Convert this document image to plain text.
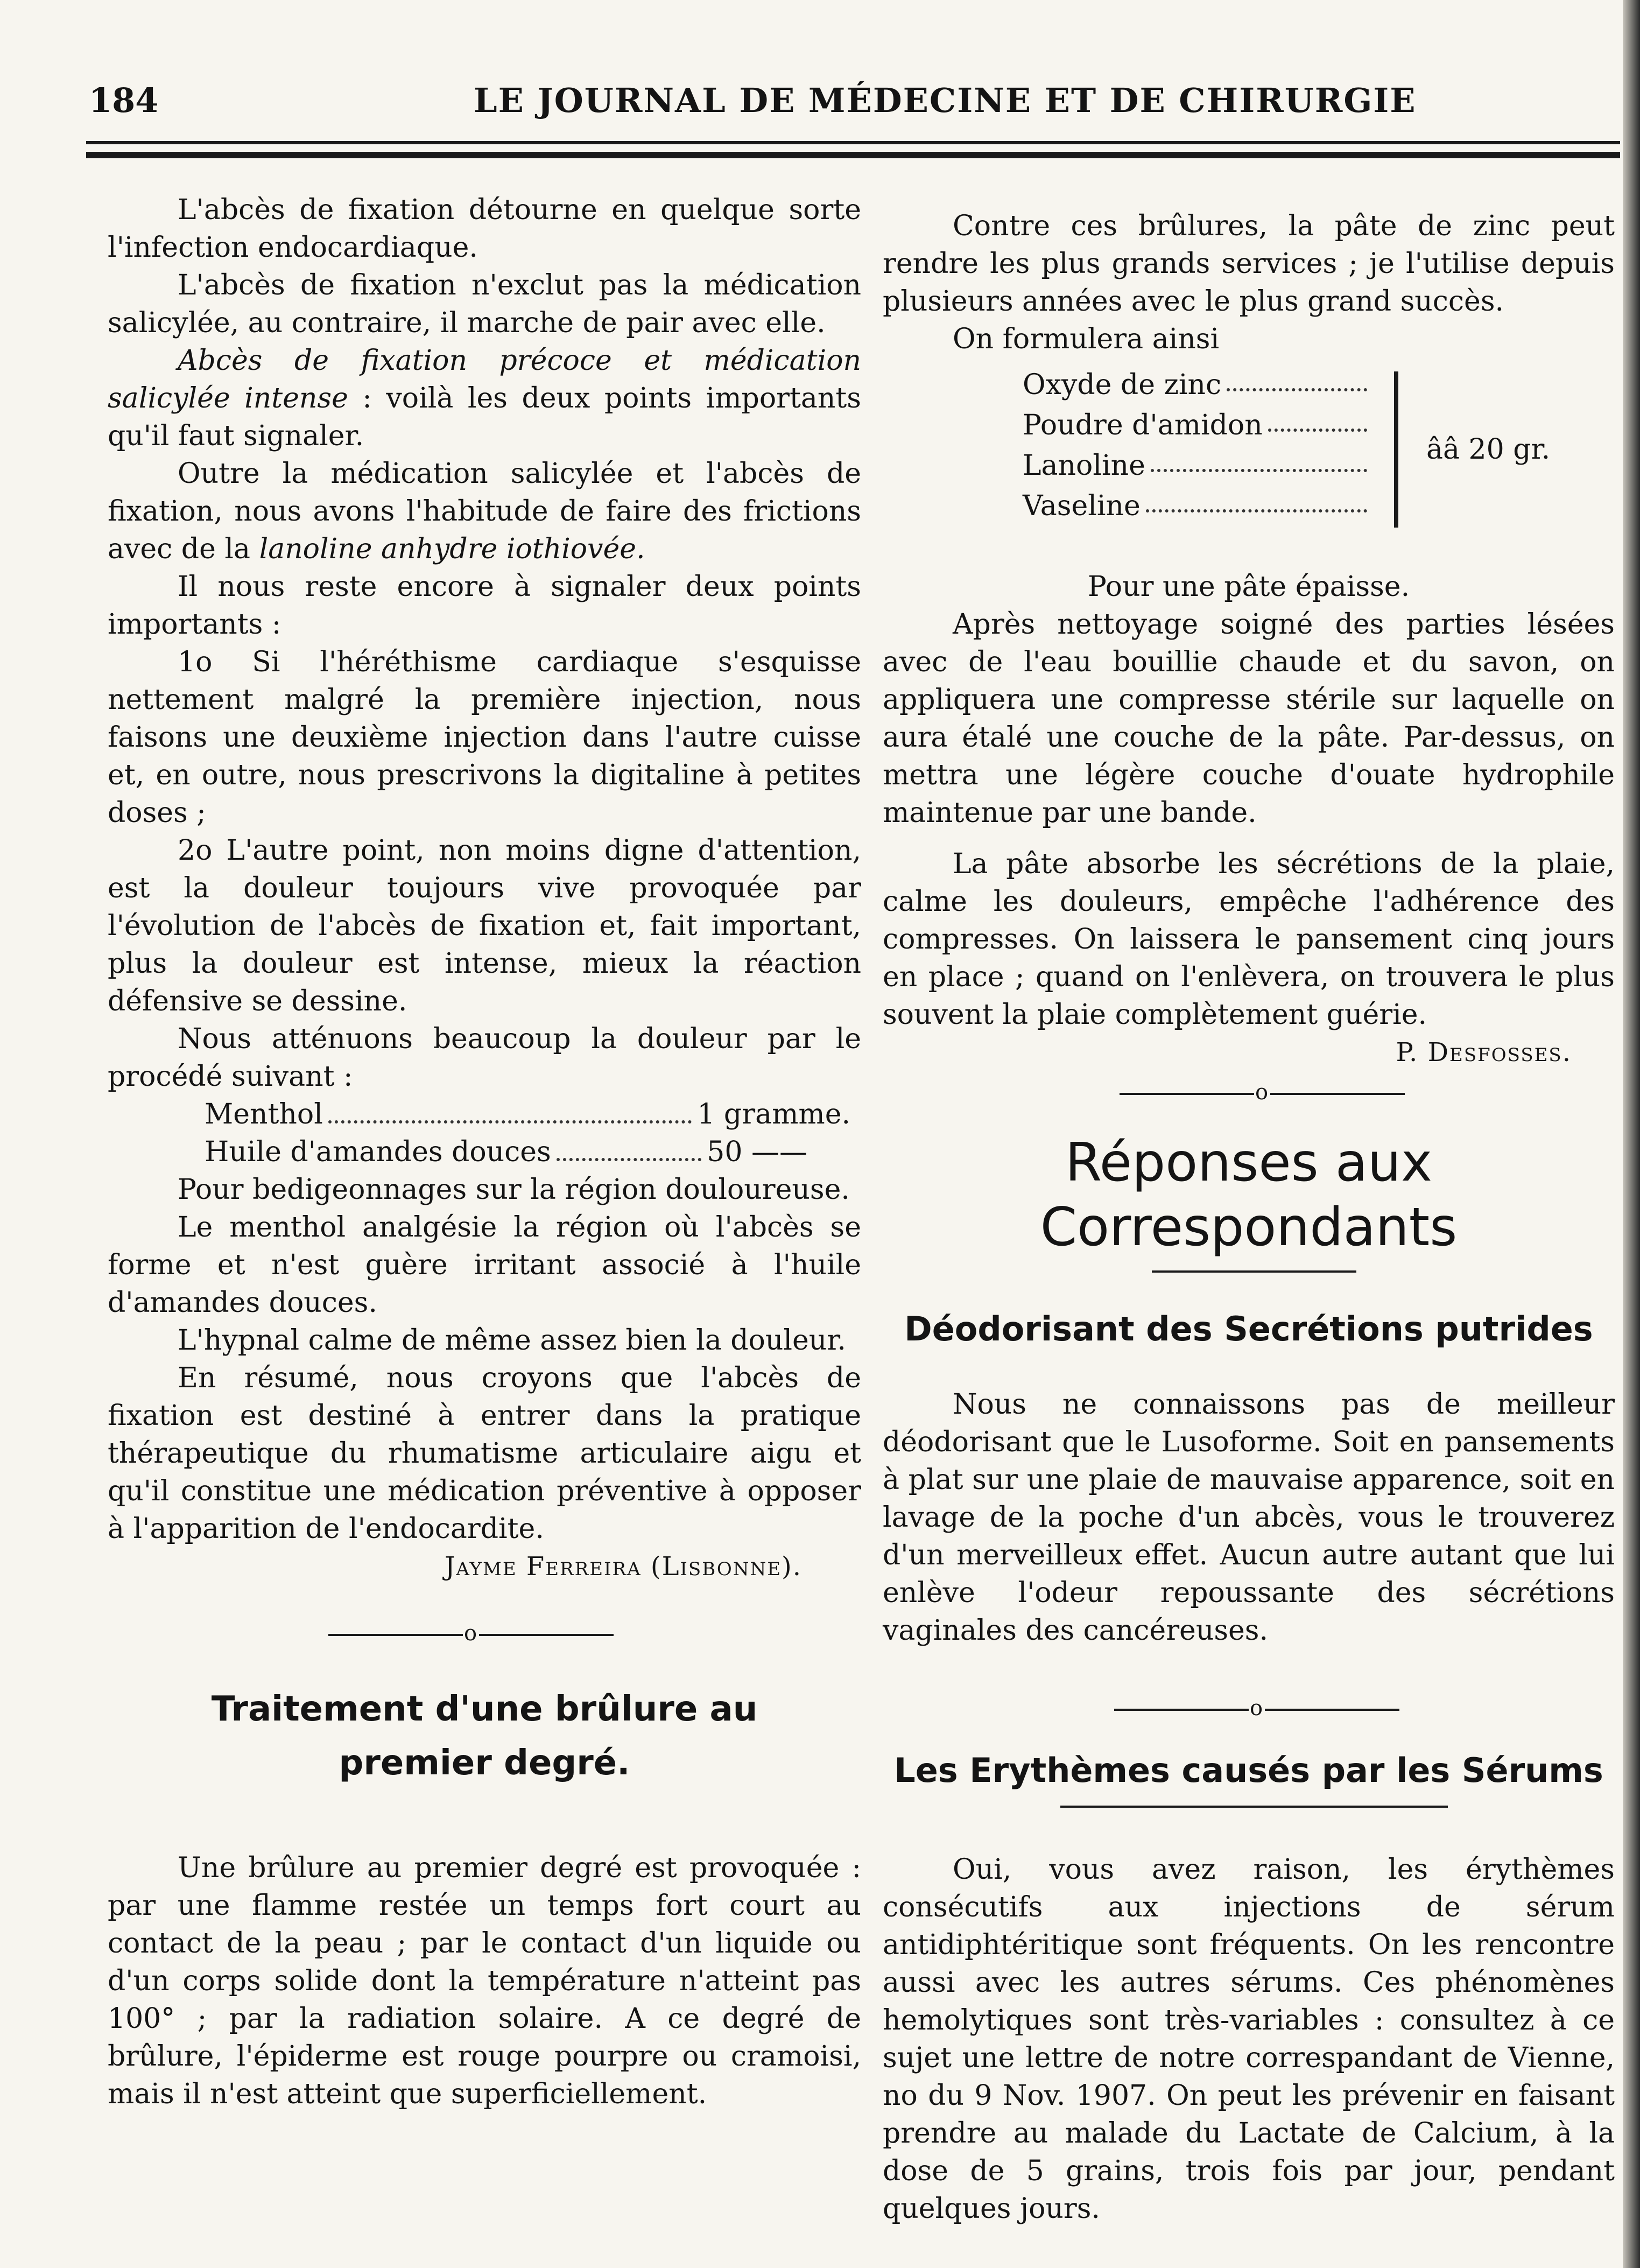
184	LE JOURNAL DE MÉDECINE ET DE CHIRURGIE

L'abcès de fixation détourne en quelque sorte l'infection endocardiaque.

L'abcès de fixation n'exclut pas la médication salicylée, au contraire, il marche de pair avec elle.

Abcès de fixation précoce et médication salicylée intense : voilà les deux points importants qu'il faut signaler.

Outre la médication salicylée et l'abcès de fixation, nous avons l'habitude de faire des frictions avec de la lanoline anhydre iothiovée.

Il nous reste encore à signaler deux points importants :

1o Si l'héréthisme cardiaque s'esquisse nettement malgré la première injection, nous faisons une deuxième injection dans l'autre cuisse et, en outre, nous prescrivons la digitaline à petites doses ;

2o L'autre point, non moins digne d'attention, est la douleur toujours vive provoquée par l'évolution de l'abcès de fixation et, fait important, plus la douleur est intense, mieux la réaction défensive se dessine.

Nous atténuons beaucoup la douleur par le procédé suivant :

Menthol	1 gramme.
Huile d'amandes douces	50 ——

Pour bedigeonnages sur la région douloureuse.

Le menthol analgésie la région où l'abcès se forme et n'est guère irritant associé à l'huile d'amandes douces.

L'hypnal calme de même assez bien la douleur.

En résumé, nous croyons que l'abcès de fixation est destiné à entrer dans la pratique thérapeutique du rhumatisme articulaire aigu et qu'il constitue une médication préventive à opposer à l'apparition de l'endocardite.

Jayme Ferreira (Lisbonne).
o
Traitement d'une brûlure au
premier degré.

Une brûlure au premier degré est provoquée : par une flamme restée un temps fort court au contact de la peau ; par le contact d'un liquide ou d'un corps solide dont la température n'atteint pas 100° ; par la radiation solaire. A ce degré de brûlure, l'épiderme est rouge pourpre ou cramoisi, mais il n'est atteint que superficiellement.

Contre ces brûlures, la pâte de zinc peut rendre les plus grands services ; je l'utilise depuis plusieurs années avec le plus grand succès.

On formulera ainsi

Oxyde de zinc
Poudre d'amidon
Lanoline
Vaseline
ââ 20 gr.

Pour une pâte épaisse.

Après nettoyage soigné des parties lésées avec de l'eau bouillie chaude et du savon, on appliquera une compresse stérile sur laquelle on aura étalé une couche de la pâte. Par-dessus, on mettra une légère couche d'ouate hydrophile maintenue par une bande.

La pâte absorbe les sécrétions de la plaie, calme les douleurs, empêche l'adhérence des compresses. On laissera le pansement cinq jours en place ; quand on l'enlèvera, on trouvera le plus souvent la plaie complètement guérie.

P. Desfosses.
o
Réponses aux Correspondants
Déodorisant des Secrétions putrides

Nous ne connaissons pas de meilleur déodorisant que le Lusoforme. Soit en pansements à plat sur une plaie de mauvaise apparence, soit en lavage de la poche d'un abcès, vous le trouverez d'un merveilleux effet. Aucun autre autant que lui enlève l'odeur repoussante des sécrétions vaginales des cancéreuses.

o
Les Erythèmes causés par les Sérums

Oui, vous avez raison, les érythèmes consécutifs aux injections de sérum antidiphtéritique sont fréquents. On les rencontre aussi avec les autres sérums. Ces phénomènes hemolytiques sont très-variables : consultez à ce sujet une lettre de notre correspandant de Vienne, no du 9 Nov. 1907. On peut les prévenir en faisant prendre au malade du Lactate de Calcium, à la dose de 5 grains, trois fois par jour, pendant quelques jours.
